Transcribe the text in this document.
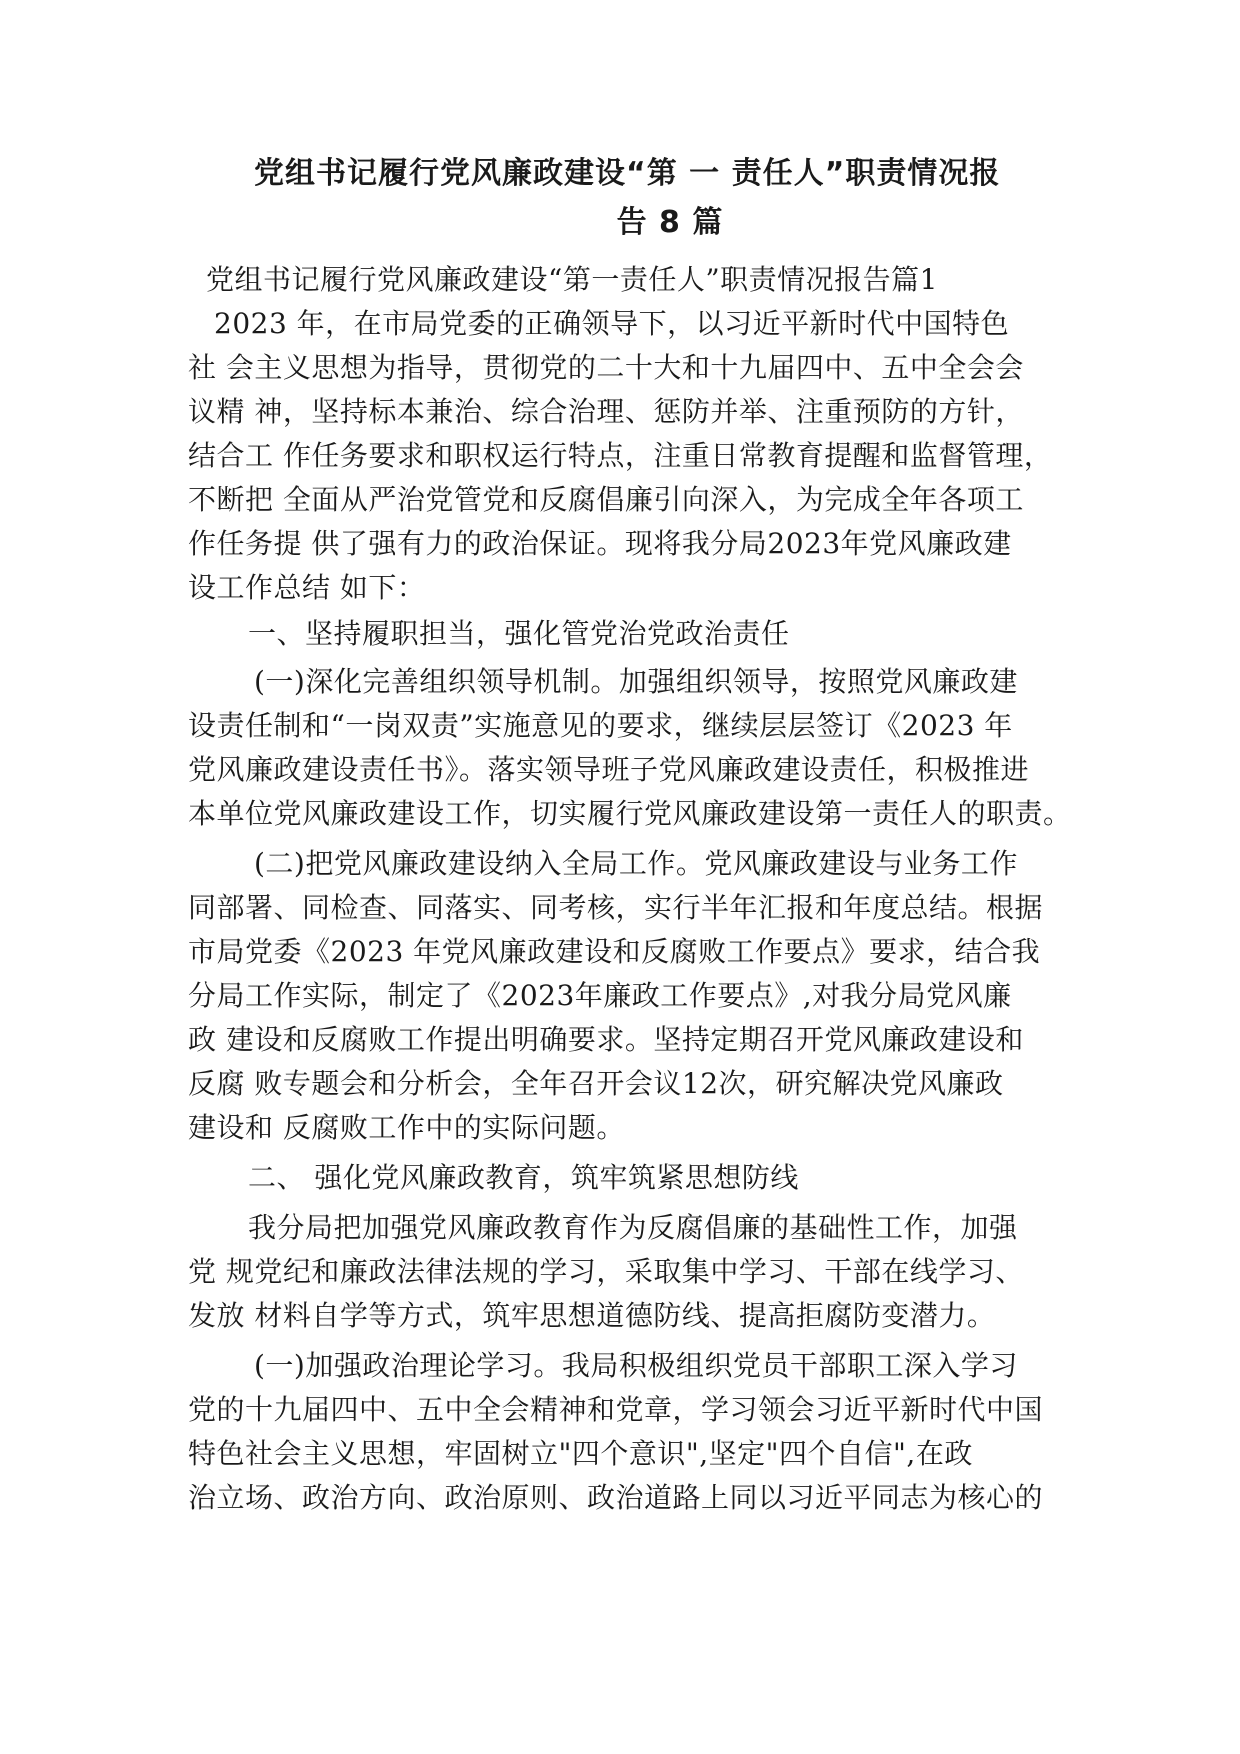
党组书记履行党风廉政建设“第 一 责任人”职责情况报
告 8 篇

党组书记履行党风廉政建设“第一责任人”职责情况报告篇1

2023 年，在市局党委的正确领导下，以习近平新时代中国特色

社 会主义思想为指导，贯彻党的二十大和十九届四中、五中全会会

议精 神，坚持标本兼治、综合治理、惩防并举、注重预防的方针，

结合工 作任务要求和职权运行特点，注重日常教育提醒和监督管理，

不断把 全面从严治党管党和反腐倡廉引向深入，为完成全年各项工

作任务提 供了强有力的政治保证。现将我分局2023年党风廉政建

设工作总结 如下：

一、坚持履职担当，强化管党治党政治责任

(一)深化完善组织领导机制。加强组织领导，按照党风廉政建

设责任制和“一岗双责”实施意见的要求，继续层层签订《2023 年

党风廉政建设责任书》。落实领导班子党风廉政建设责任，积极推进

本单位党风廉政建设工作，切实履行党风廉政建设第一责任人的职责。

(二)把党风廉政建设纳入全局工作。党风廉政建设与业务工作

同部署、同检查、同落实、同考核，实行半年汇报和年度总结。根据

市局党委《2023 年党风廉政建设和反腐败工作要点》要求，结合我

分局工作实际，制定了《2023年廉政工作要点》,对我分局党风廉

政 建设和反腐败工作提出明确要求。坚持定期召开党风廉政建设和

反腐 败专题会和分析会，全年召开会议12次，研究解决党风廉政

建设和 反腐败工作中的实际问题。

二、 强化党风廉政教育，筑牢筑紧思想防线

我分局把加强党风廉政教育作为反腐倡廉的基础性工作，加强

党 规党纪和廉政法律法规的学习，采取集中学习、干部在线学习、

发放 材料自学等方式，筑牢思想道德防线、提高拒腐防变潜力。

(一)加强政治理论学习。我局积极组织党员干部职工深入学习

党的十九届四中、五中全会精神和党章，学习领会习近平新时代中国

特色社会主义思想，牢固树立"四个意识",坚定"四个自信",在政

治立场、政治方向、政治原则、政治道路上同以习近平同志为核心的
